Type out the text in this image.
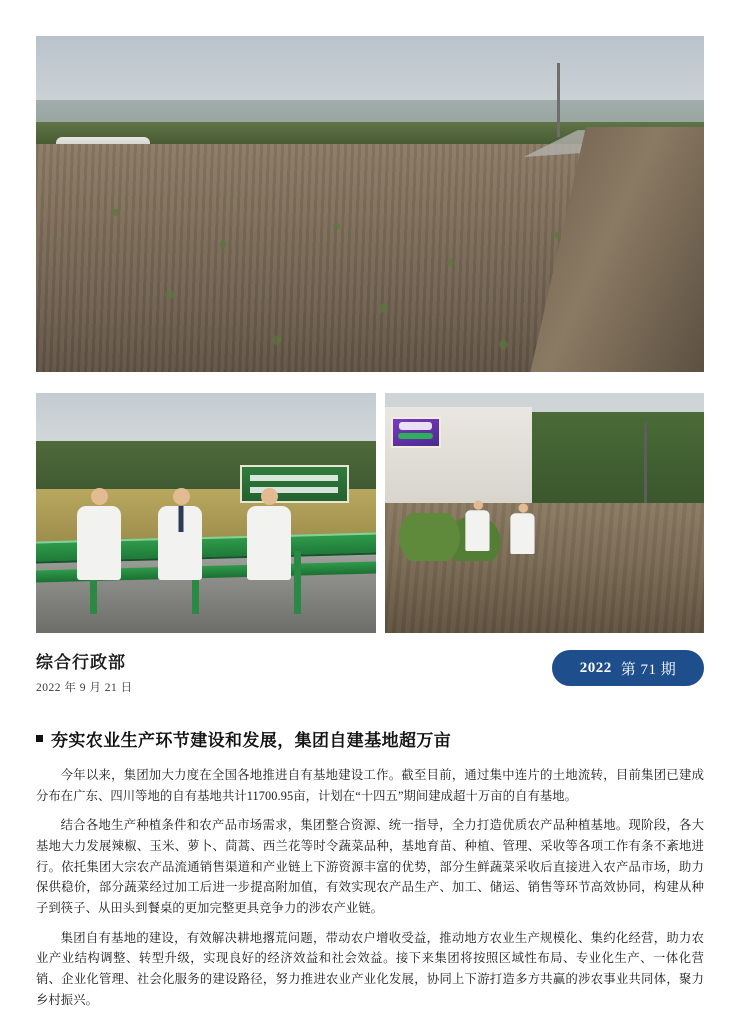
综合行政部
2022 年 9 月 21 日
2022 第 71 期
夯实农业生产环节建设和发展，集团自建基地超万亩

今年以来，集团加大力度在全国各地推进自有基地建设工作。截至目前，通过集中连片的土地流转，目前集团已建成分布在广东、四川等地的自有基地共计11700.95亩，计划在“十四五”期间建成超十万亩的自有基地。

结合各地生产种植条件和农产品市场需求，集团整合资源、统一指导，全力打造优质农产品种植基地。现阶段，各大基地大力发展辣椒、玉米、萝卜、茼蒿、西兰花等时令蔬菜品种，基地育苗、种植、管理、采收等各项工作有条不紊地进行。依托集团大宗农产品流通销售渠道和产业链上下游资源丰富的优势，部分生鲜蔬菜采收后直接进入农产品市场，助力保供稳价，部分蔬菜经过加工后进一步提高附加值，有效实现农产品生产、加工、储运、销售等环节高效协同，构建从种子到筷子、从田头到餐桌的更加完整更具竞争力的涉农产业链。

集团自有基地的建设，有效解决耕地撂荒问题，带动农户增收受益，推动地方农业生产规模化、集约化经营，助力农业产业结构调整、转型升级，实现良好的经济效益和社会效益。接下来集团将按照区域性布局、专业化生产、一体化营销、企业化管理、社会化服务的建设路径，努力推进农业产业化发展，协同上下游打造多方共赢的涉农事业共同体，聚力乡村振兴。
